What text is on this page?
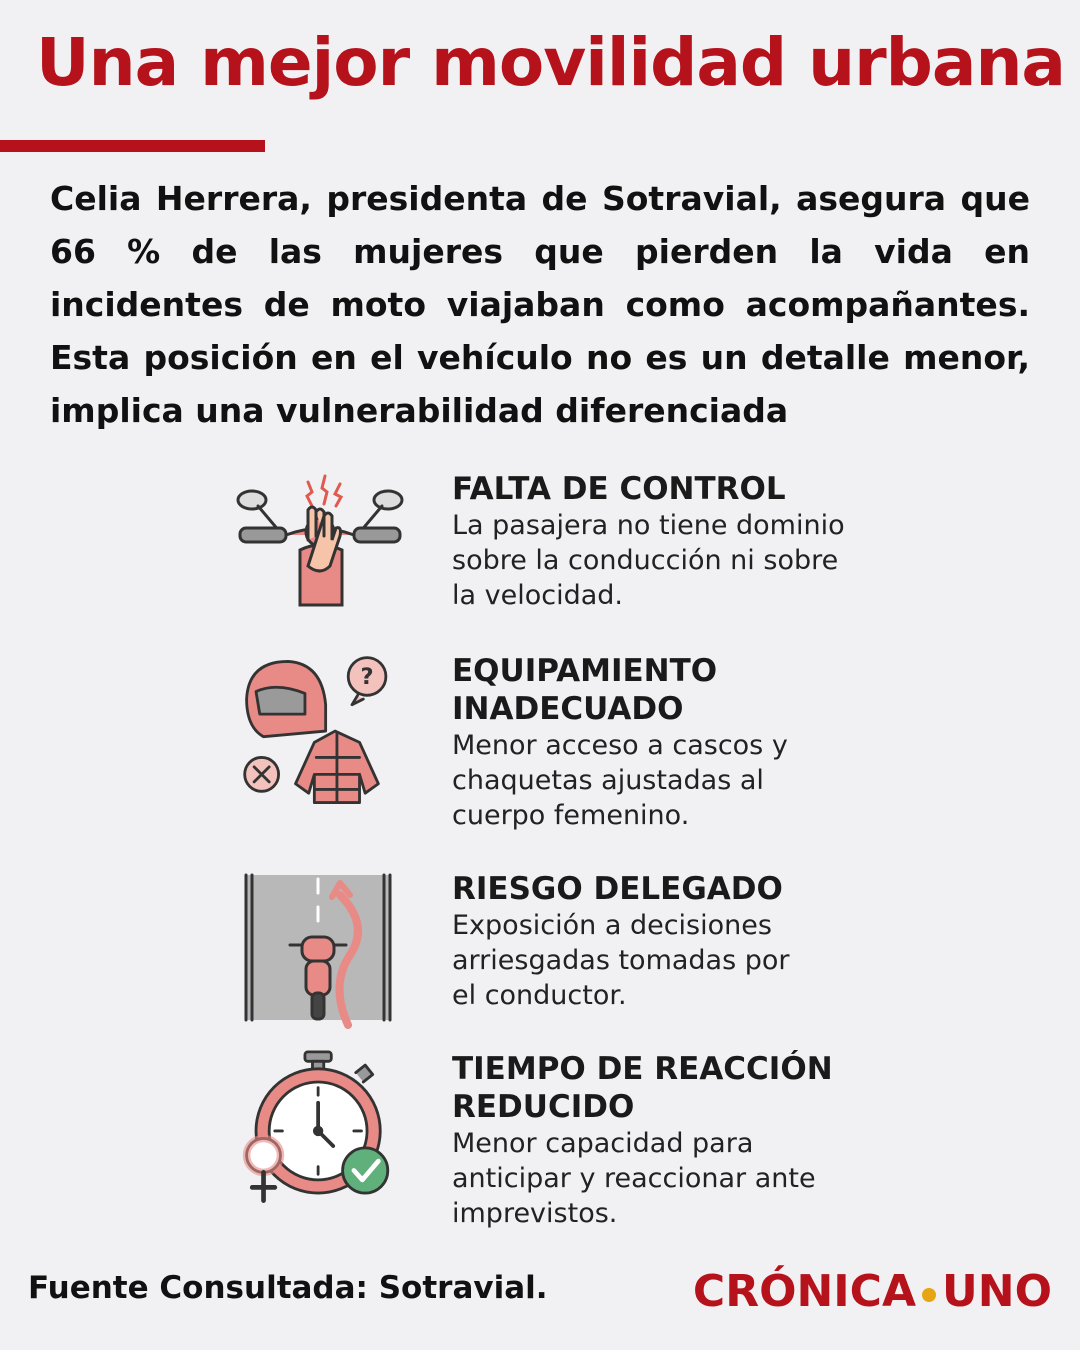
Una mejor movilidad urbana
Celia Herrera, presidenta de Sotravial, asegura que 66 % de las mujeres que pierden la vida en incidentes de moto viajaban como acompañantes. Esta posición en el vehículo no es un detalle menor, implica una vulnerabilidad diferenciada
FALTA DE CONTROL

La pasajera no tiene dominio
sobre la conducción ni sobre
la velocidad.

?	EQUIPAMIENTO
INADECUADO

Menor acceso a cascos y
chaquetas ajustadas al
cuerpo femenino.

RIESGO DELEGADO

Exposición a decisiones
arriesgadas tomadas por
el conductor.

TIEMPO DE REACCIÓN
REDUCIDO

Menor capacidad para
anticipar y reaccionar ante
imprevistos.

Fuente Consultada: Sotravial.	CRÓNICA UNO
